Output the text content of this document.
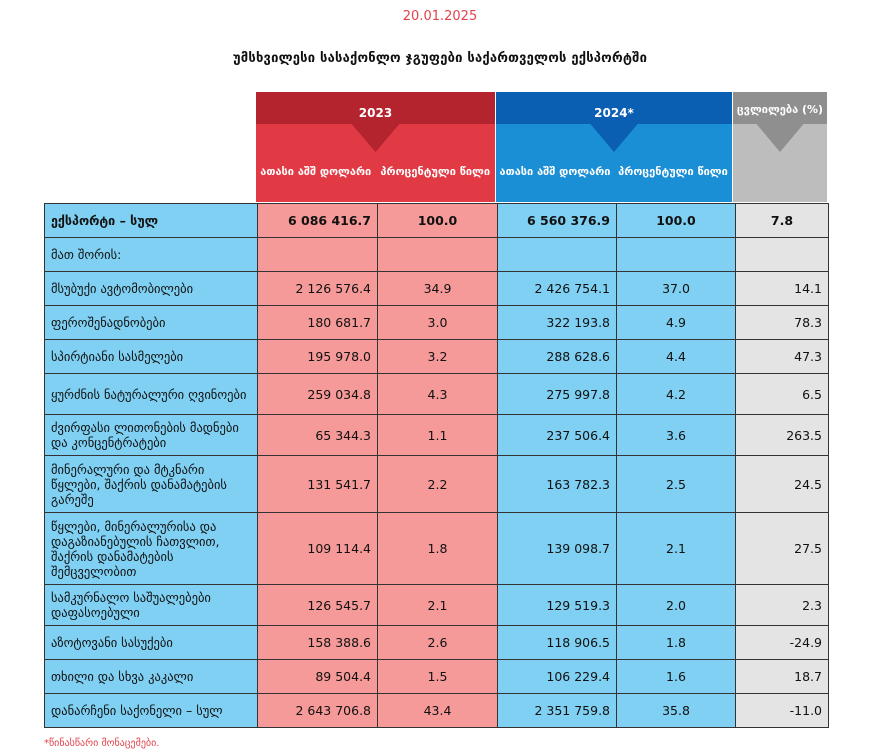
20.01.2025
უმსხვილესი სასაქონლო ჯგუფები საქართველოს ექსპორტში
2023
ათასი აშშ დოლარი პროცენტული წილი
2024*
ათასი აშშ დოლარი პროცენტული წილი
ცვლილება (%)
ექსპორტი – სულ	6 086 416.7	100.0	6 560 376.9	100.0	7.8
მათ შორის:					
მსუბუქი ავტომობილები	2 126 576.4	34.9	2 426 754.1	37.0	14.1
ფეროშენადნობები	180 681.7	3.0	322 193.8	4.9	78.3
სპირტიანი სასმელები	195 978.0	3.2	288 628.6	4.4	47.3
ყურძნის ნატურალური ღვინოები	259 034.8	4.3	275 997.8	4.2	6.5
ძვირფასი ლითონების მადნები და კონცენტრატები	65 344.3	1.1	237 506.4	3.6	263.5
მინერალური და მტკნარი წყლები, შაქრის დანამატების გარეშე	131 541.7	2.2	163 782.3	2.5	24.5
წყლები, მინერალურისა და დაგაზიანებულის ჩათვლით, შაქრის დანამატების შემცველობით	109 114.4	1.8	139 098.7	2.1	27.5
სამკურნალო საშუალებები დაფასოებული	126 545.7	2.1	129 519.3	2.0	2.3
აზოტოვანი სასუქები	158 388.6	2.6	118 906.5	1.8	-24.9
თხილი და სხვა კაკალი	89 504.4	1.5	106 229.4	1.6	18.7
დანარჩენი საქონელი – სულ	2 643 706.8	43.4	2 351 759.8	35.8	-11.0
*წინასწარი მონაცემები.
